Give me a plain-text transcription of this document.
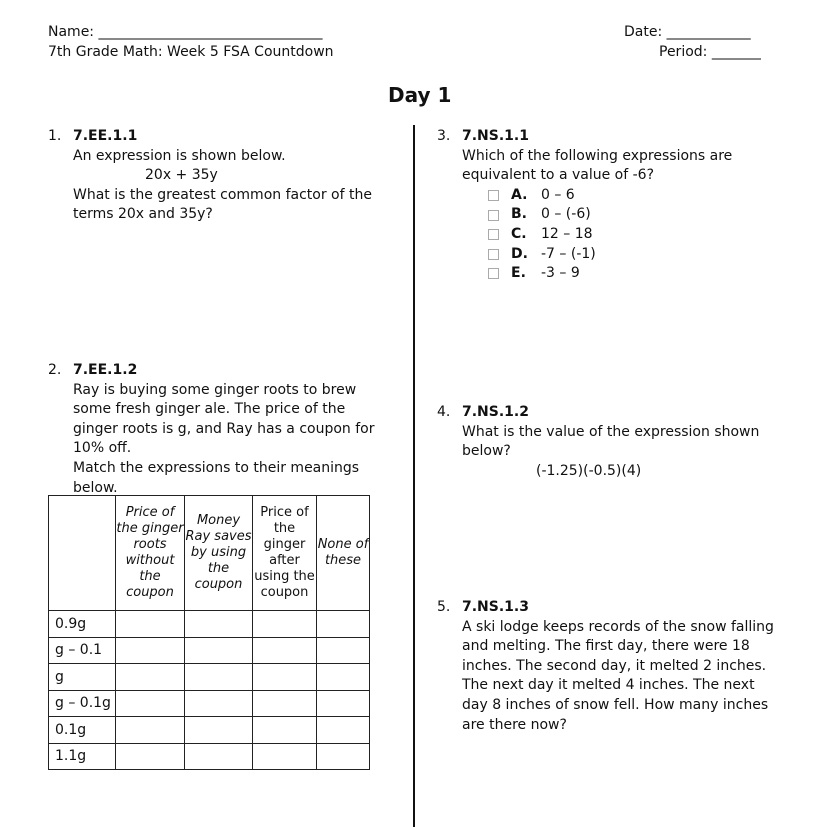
Name: ________________________________
7th Grade Math: Week 5 FSA Countdown
Date: ____________
Period: _______
Day 1
1. 7.EE.1.1
An expression is shown below.
20x + 35y
What is the greatest common factor of the
terms 20x and 35y?
2. 7.EE.1.2
Ray is buying some ginger roots to brew
some fresh ginger ale. The price of the
ginger roots is g, and Ray has a coupon for
10% off.
Match the expressions to their meanings
below.
	Price of the ginger roots without the coupon	Money Ray saves by using the coupon	Price of the ginger after using the coupon	None of these
0.9g				
g – 0.1				
g				
g – 0.1g				
0.1g				
1.1g				
3. 7.NS.1.1
Which of the following expressions are
equivalent to a value of -6?
A. 0 – 6
B.	0 – (-6)
C.	12 – 18
D. -7 – (-1)
E.	-3 – 9
4. 7.NS.1.2
What is the value of the expression shown
below?
(-1.25)(-0.5)(4)
5. 7.NS.1.3
A ski lodge keeps records of the snow falling
and melting. The first day, there were 18
inches. The second day, it melted 2 inches.
The next day it melted 4 inches. The next
day 8 inches of snow fell. How many inches
are there now?
